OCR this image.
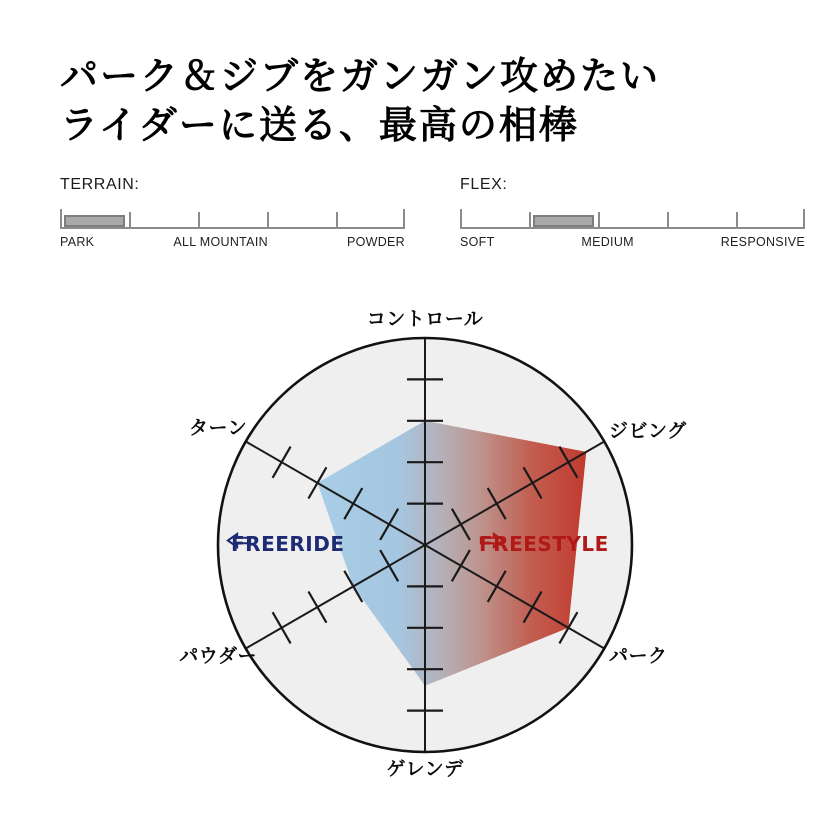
パーク＆ジブをガンガン攻めたい
ライダーに送る、最高の相棒
TERRAIN:
PARK	ALL MOUNTAIN	POWDER
FLEX:
SOFT	MEDIUM	RESPONSIVE
コントロール
ジビング
パーク
ゲレンデ
パウダー
ターン
FREERIDE	FREESTYLE
